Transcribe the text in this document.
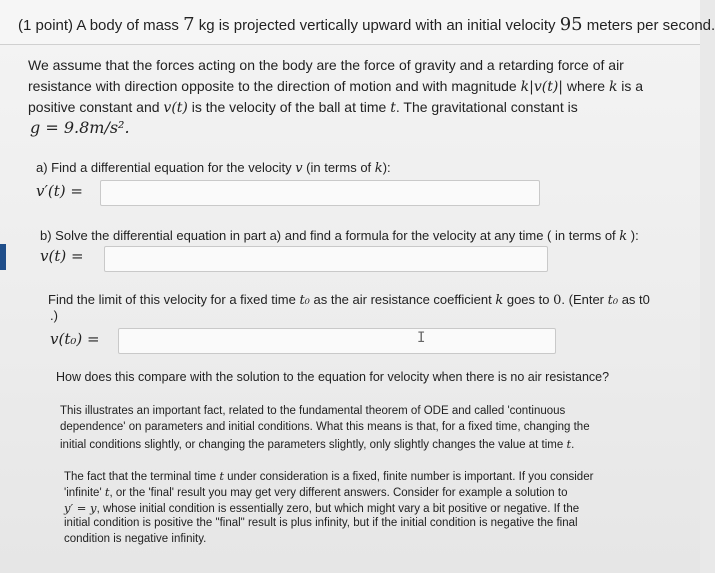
(1 point) A body of mass 7 kg is projected vertically upward with an initial velocity 95 meters per second.
We assume that the forces acting on the body are the force of gravity and a retarding force of air
resistance with direction opposite to the direction of motion and with magnitude k|v(t)| where k is a
positive constant and v(t) is the velocity of the ball at time t. The gravitational constant is
g = 9.8m/s².
a) Find a differential equation for the velocity v (in terms of k):
v′(t) =
b) Solve the differential equation in part a) and find a formula for the velocity at any time ( in terms of k ):
v(t) =
Find the limit of this velocity for a fixed time t₀ as the air resistance coefficient k goes to 0. (Enter t₀ as t0
.)
v(t₀) =	I
How does this compare with the solution to the equation for velocity when there is no air resistance?
This illustrates an important fact, related to the fundamental theorem of ODE and called 'continuous
dependence' on parameters and initial conditions. What this means is that, for a fixed time, changing the
initial conditions slightly, or changing the parameters slightly, only slightly changes the value at time t.
The fact that the terminal time t under consideration is a fixed, finite number is important. If you consider
'infinite' t, or the 'final' result you may get very different answers. Consider for example a solution to
y′ = y, whose initial condition is essentially zero, but which might vary a bit positive or negative. If the
initial condition is positive the "final" result is plus infinity, but if the initial condition is negative the final
condition is negative infinity.
